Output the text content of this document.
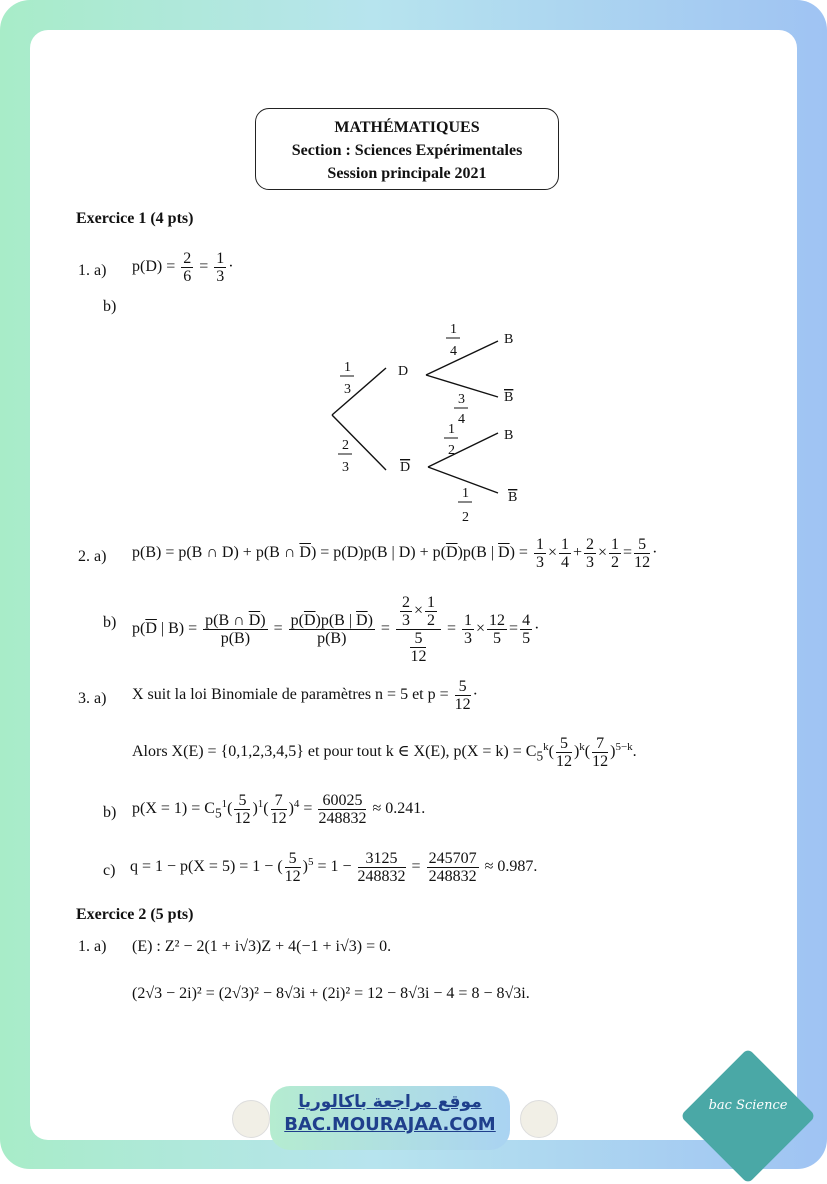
MATHÉMATIQUES
Section : Sciences Expérimentales
Session principale 2021
Exercice 1 (4 pts)
1. a) $p(D) = \frac{2}{6} = \frac{1}{3}$ ·
b)
D
D
B
B
B
B
1
3
2
3
1
4
3
4
1
2
1
2
2. a) p(B) = p(B ∩ D) + p(B ∩ $\overline{D}) = p(D)p(B$ | $D) + p(\overline{D})p(B$ | $\overline{D}) = \frac{1}{3} \times \frac{1}{4} + \frac{2}{3} \times \frac{1}{2} = \frac{5}{12}$ ·
b) $p(\overline{D}$ | $B) = \frac{p(B \cap \overline{D})}{p(B)} = \frac{p(\overline{D})p(B | \overline{D})}{p(B)} = \frac{\frac{2}{3} \times \frac{1}{2}}{\frac{5}{12}} = \frac{1}{3} \times \frac{12}{5} = \frac{4}{5}$ ·
3. a) X suit la loi Binomiale de paramètres n = 5 et $p = \frac{5}{12}$ ·
Alors X(E) = {0,1,2,3,4,5} et pour tout k ∈ X(E), $p(X = k) = C_5^k( \frac{5}{12} )^k( \frac{7}{12} )^{5-k}$.
b) $p(X = 1) = C_5^1( \frac{5}{12} )^1( \frac{7}{12} )^4 = \frac{60025}{248832} \approx 0.241$.
c) q = 1 − p(X = 5) = 1 − ( $\frac{5}{12} )^5 = 1 - \frac{3125}{248832} = \frac{245707}{248832} \approx 0.987$.
Exercice 2 (5 pts)
1. a) (E) : Z² − 2(1 + i√3)Z + 4(−1 + i√3) = 0.
(2√3 − 2i)² = (2√3)² − 8√3i + (2i)² = 12 − 8√3i − 4 = 8 − 8√3i.
موقع مراجعة باكالوريا
BAC.MOURAJAA.COM
bac Science
